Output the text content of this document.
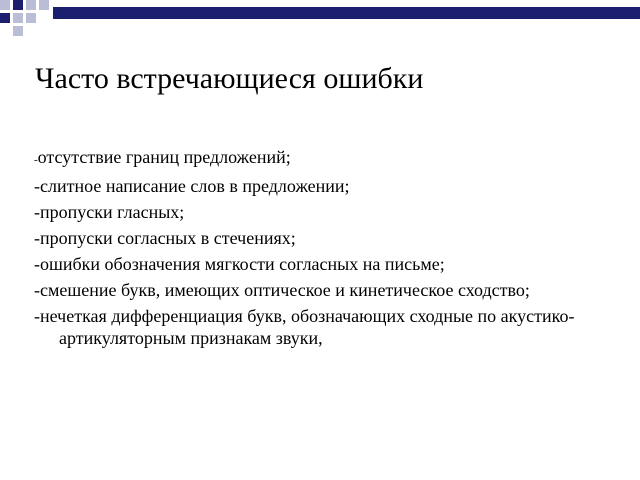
Часто встречающиеся ошибки
-отсутствие границ предложений;
-слитное написание слов в предложении;
-пропуски гласных;
-пропуски согласных в стечениях;
-ошибки обозначения мягкости согласных на письме;
-смешение букв, имеющих оптическое и кинетическое сходство;
-нечеткая дифференциация букв, обозначающих сходные по акустико-артикуляторным признакам звуки,
